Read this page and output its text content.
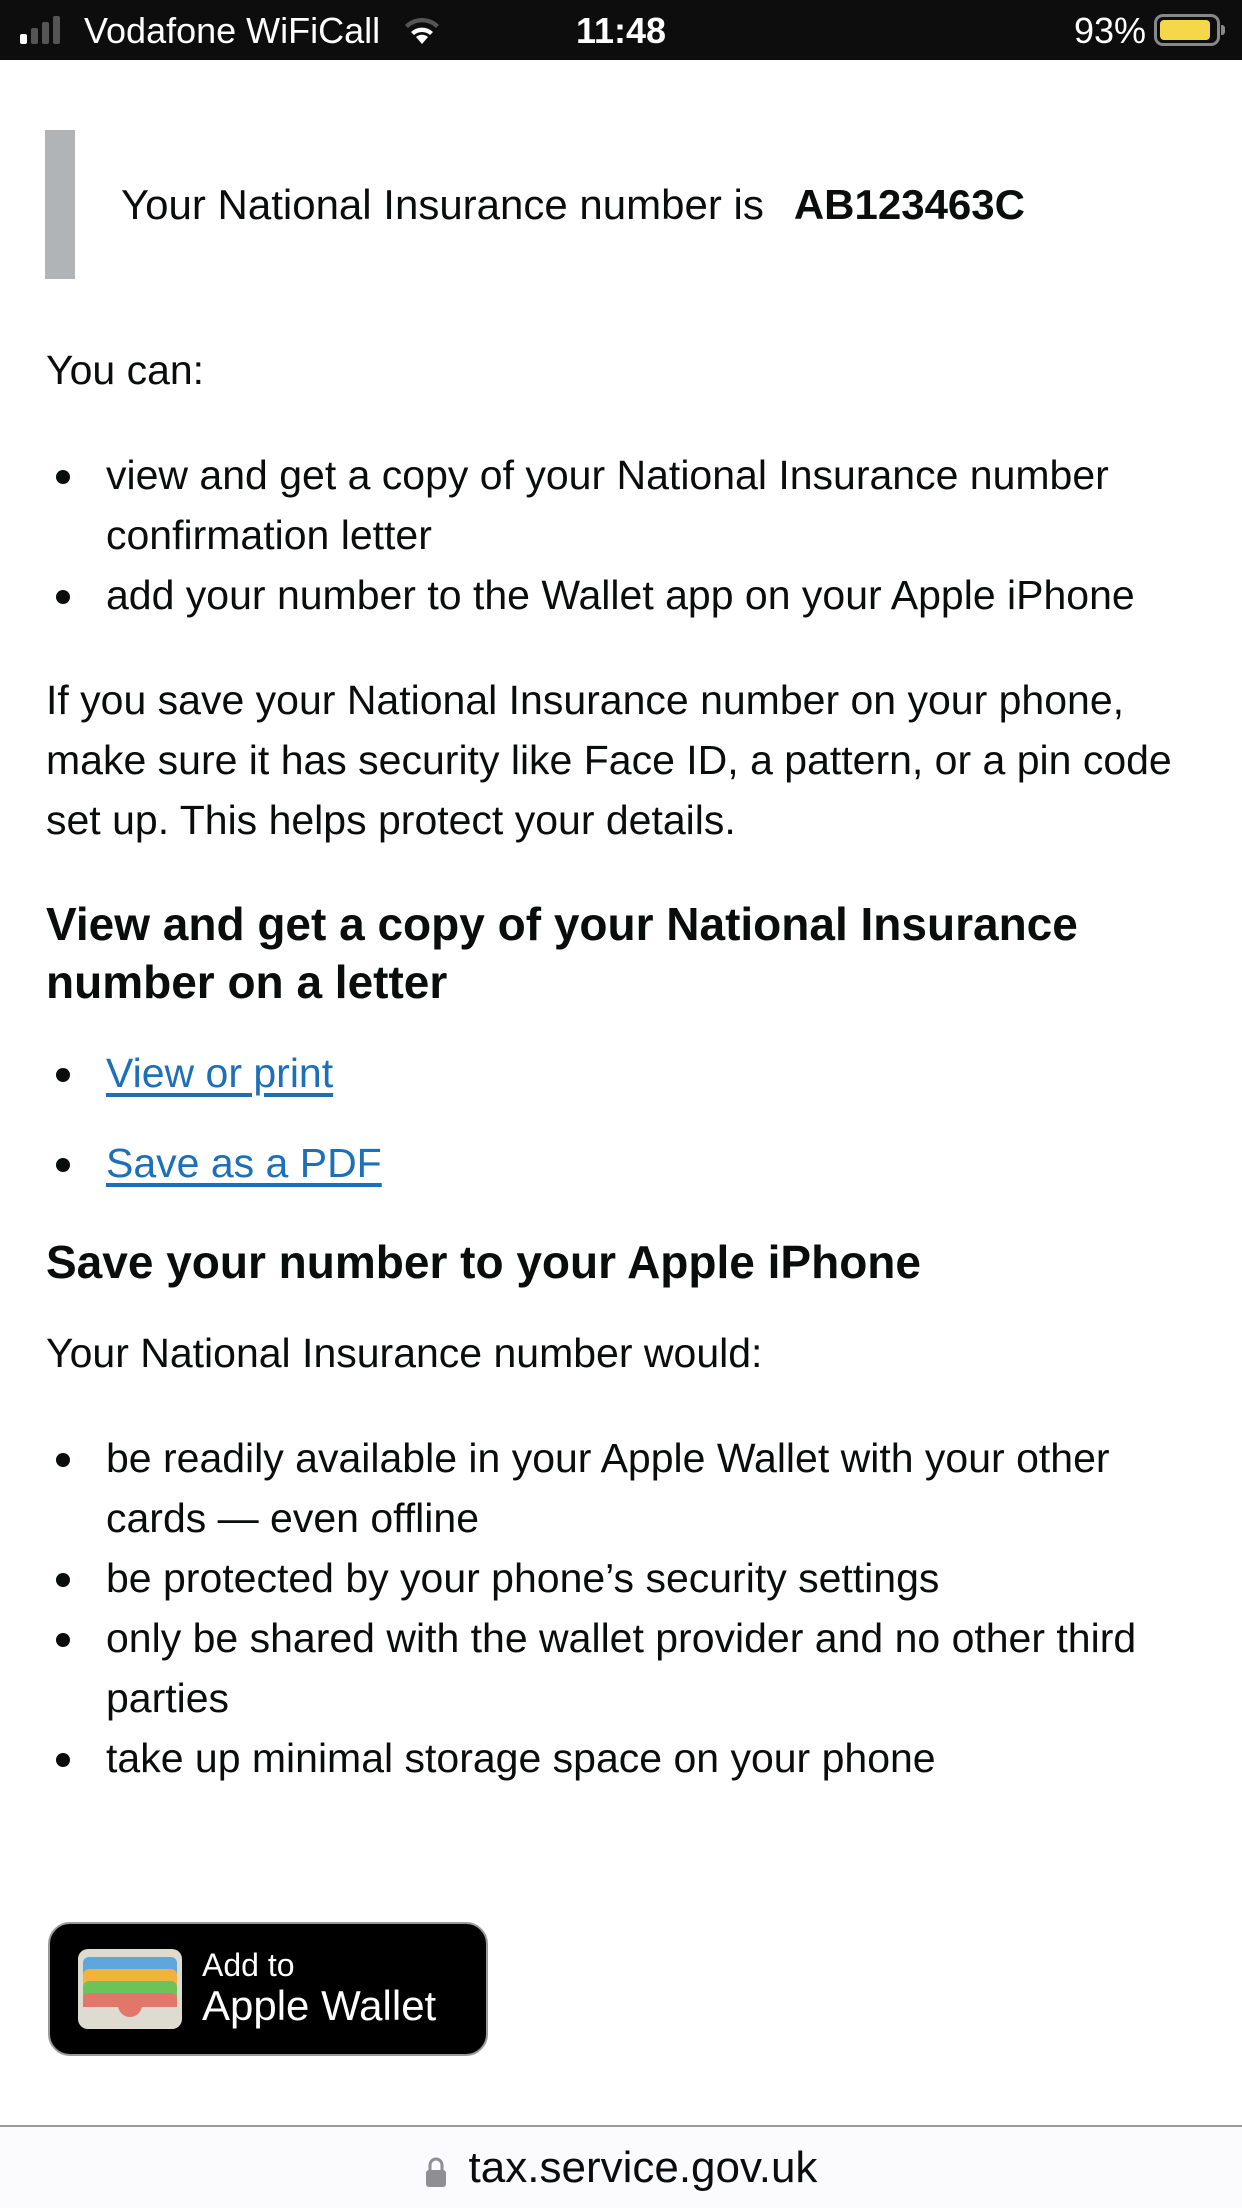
Vodafone WiFiCall	11:48	93%
Your National Insurance number is AB123463C

You can:

view and get a copy of your National Insurance number confirmation letter
add your number to the Wallet app on your Apple iPhone

If you save your National Insurance number on your phone, make sure it has security like Face ID, a pattern, or a pin code set up. This helps protect your details.

View and get a copy of your National Insurance number on a letter
View or print
Save as a PDF
Save your number to your Apple iPhone

Your National Insurance number would:

be readily available in your Apple Wallet with your other cards — even offline
be protected by your phone’s security settings
only be shared with the wallet provider and no other third parties
take up minimal storage space on your phone
Add to
Apple Wallet
tax.service.gov.uk
